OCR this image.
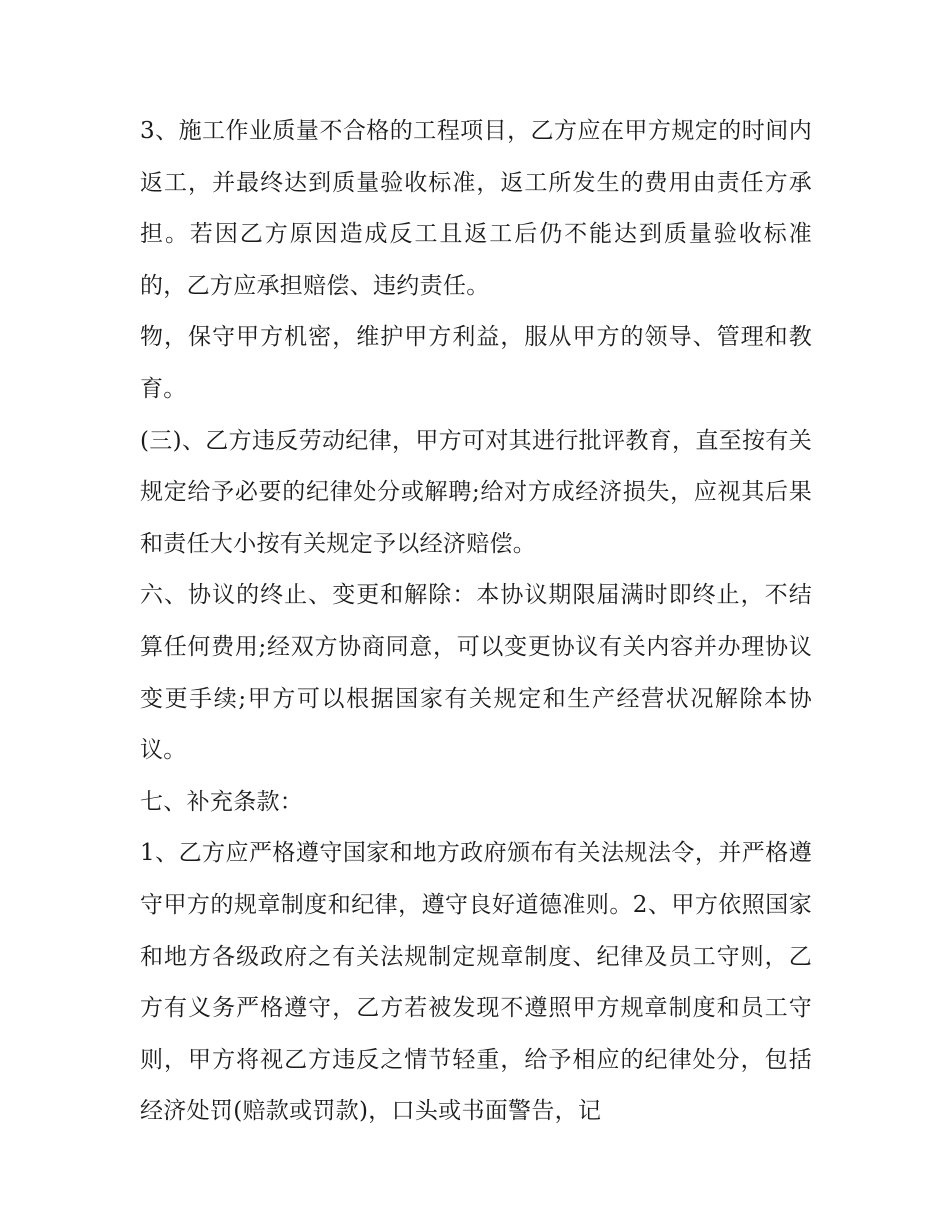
3、施工作业质量不合格的工程项目，乙方应在甲方规定的时间内返工，并最终达到质量验收标准，返工所发生的费用由责任方承担。若因乙方原因造成反工且返工后仍不能达到质量验收标准的，乙方应承担赔偿、违约责任。

物，保守甲方机密，维护甲方利益，服从甲方的领导、管理和教育。

(三)、乙方违反劳动纪律，甲方可对其进行批评教育，直至按有关规定给予必要的纪律处分或解聘;给对方成经济损失，应视其后果和责任大小按有关规定予以经济赔偿。

六、协议的终止、变更和解除：本协议期限届满时即终止，不结算任何费用;经双方协商同意，可以变更协议有关内容并办理协议变更手续;甲方可以根据国家有关规定和生产经营状况解除本协议。

七、补充条款：

1、乙方应严格遵守国家和地方政府颁布有关法规法令，并严格遵守甲方的规章制度和纪律，遵守良好道德准则。2、甲方依照国家和地方各级政府之有关法规制定规章制度、纪律及员工守则，乙方有义务严格遵守，乙方若被发现不遵照甲方规章制度和员工守则，甲方将视乙方违反之情节轻重，给予相应的纪律处分，包括经济处罚(赔款或罚款)，口头或书面警告，记
